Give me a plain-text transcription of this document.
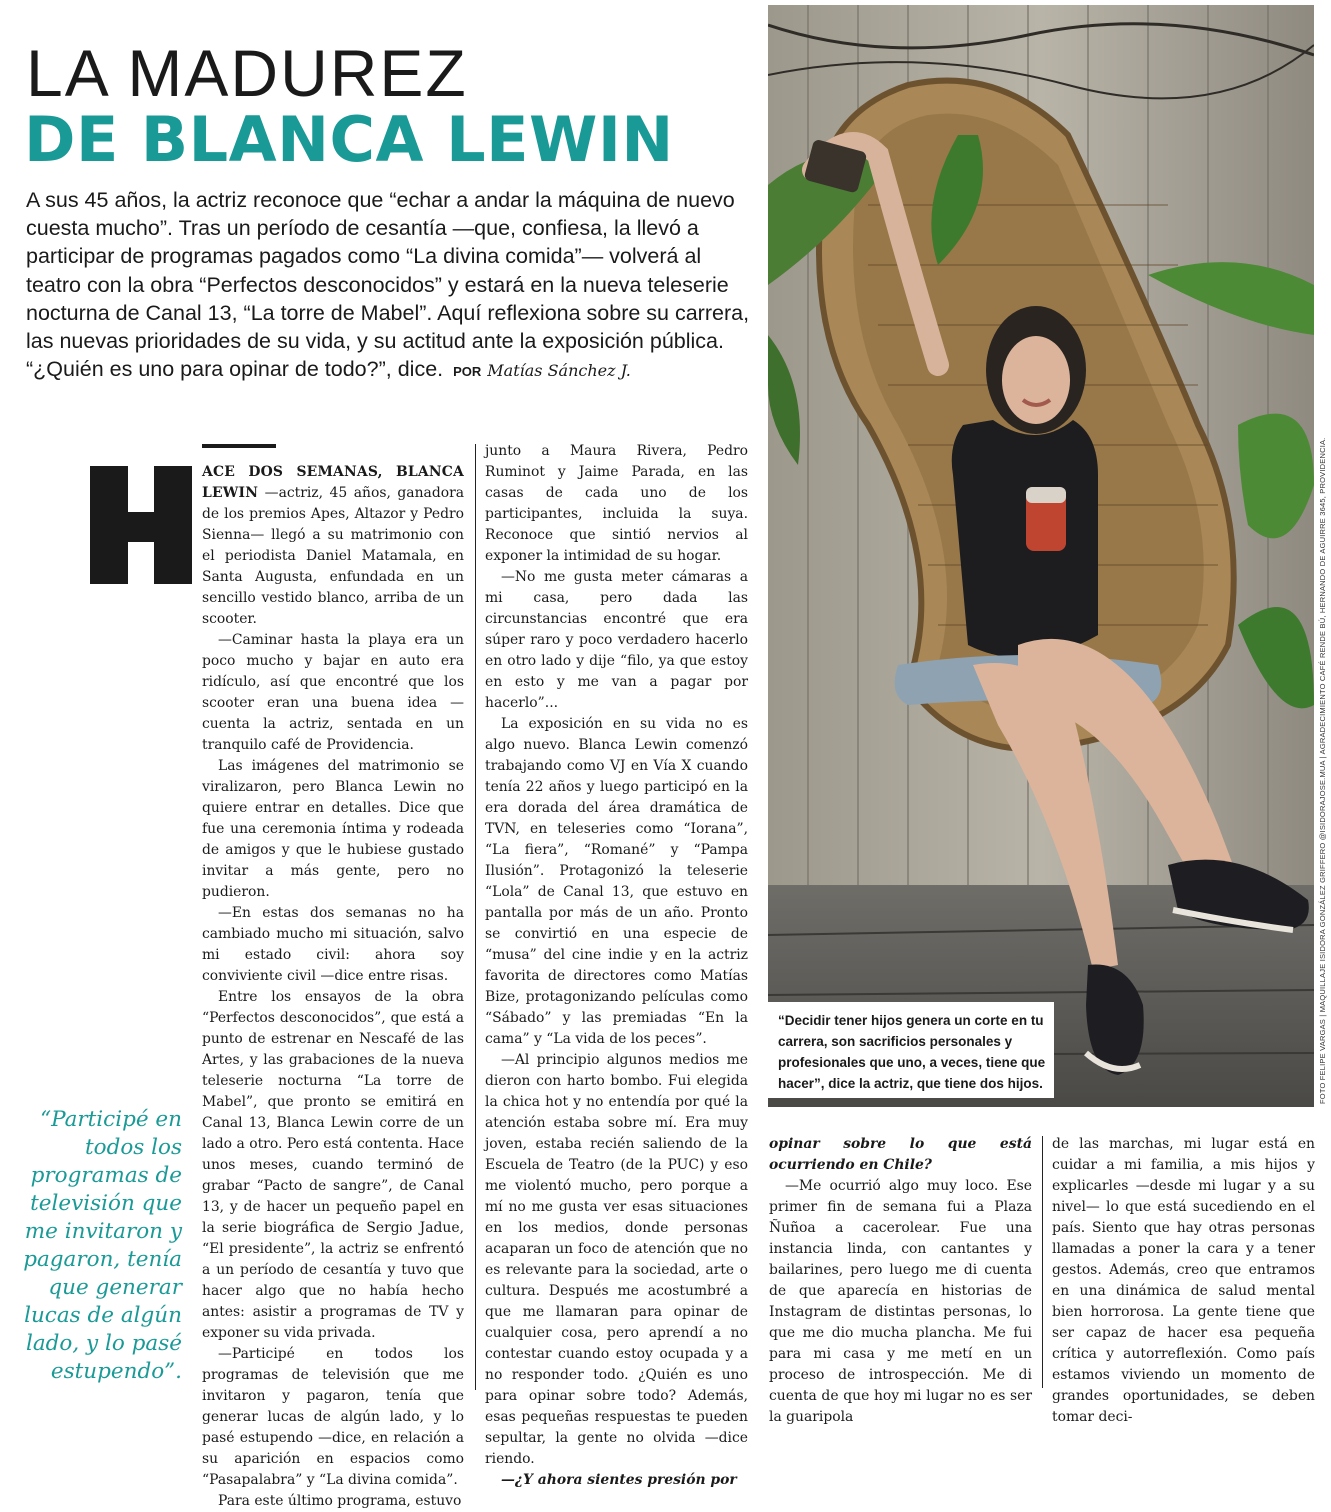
LA MADUREZ
DE BLANCA LEWIN
A sus 45 años, la actriz reconoce que “echar a andar la máquina de nuevo cuesta mucho”. Tras un período de cesantía —que, confiesa, la llevó a participar de programas pagados como “La divina comida”— volverá al teatro con la obra “Perfectos desconocidos” y estará en la nueva teleserie nocturna de Canal 13, “La torre de Mabel”. Aquí reflexiona sobre su carrera, las nuevas prioridades de su vida, y su actitud ante la exposición pública. “¿Quién es uno para opinar de todo?”, dice. POR Matías Sánchez J.

ACE DOS SEMANAS, BLANCA LEWIN —actriz, 45 años, ganadora de los premios Apes, Altazor y Pedro Sienna— llegó a su matrimonio con el periodista Daniel Matamala, en Santa Augusta, enfundada en un sencillo vestido blanco, arriba de un scooter.

—Caminar hasta la playa era un poco mucho y bajar en auto era ridículo, así que encontré que los scooter eran una buena idea —cuenta la actriz, sentada en un tranquilo café de Providencia.

Las imágenes del matrimonio se viralizaron, pero Blanca Lewin no quiere entrar en detalles. Dice que fue una ceremonia íntima y rodeada de amigos y que le hubiese gustado invitar a más gente, pero no pudieron.

—En estas dos semanas no ha cambiado mucho mi situación, salvo mi estado civil: ahora soy conviviente civil —dice entre risas.

Entre los ensayos de la obra “Perfectos desconocidos”, que está a punto de estrenar en Nescafé de las Artes, y las grabaciones de la nueva teleserie nocturna “La torre de Mabel”, que pronto se emitirá en Canal 13, Blanca Lewin corre de un lado a otro. Pero está contenta. Hace unos meses, cuando terminó de grabar “Pacto de sangre”, de Canal 13, y de hacer un pequeño papel en la serie biográfica de Sergio Jadue, “El presidente”, la actriz se enfrentó a un período de cesantía y tuvo que hacer algo que no había hecho antes: asistir a programas de TV y exponer su vida privada.

—Participé en todos los programas de televisión que me invitaron y pagaron, tenía que generar lucas de algún lado, y lo pasé estupendo —dice, en relación a su aparición en espacios como “Pasapalabra” y “La divina comida”.

Para este último programa, estuvo

junto a Maura Rivera, Pedro Ruminot y Jaime Parada, en las casas de cada uno de los participantes, incluida la suya. Reconoce que sintió nervios al exponer la intimidad de su hogar.

—No me gusta meter cámaras a mi casa, pero dada las circunstancias encontré que era súper raro y poco verdadero hacerlo en otro lado y dije “filo, ya que estoy en esto y me van a pagar por hacerlo”...

La exposición en su vida no es algo nuevo. Blanca Lewin comenzó trabajando como VJ en Vía X cuando tenía 22 años y luego participó en la era dorada del área dramática de TVN, en teleseries como “Iorana”, “La fiera”, “Romané” y “Pampa Ilusión”. Protagonizó la teleserie “Lola” de Canal 13, que estuvo en pantalla por más de un año. Pronto se convirtió en una especie de “musa” del cine indie y en la actriz favorita de directores como Matías Bize, protagonizando películas como “Sábado” y las premiadas “En la cama” y “La vida de los peces”.

—Al principio algunos medios me dieron con harto bombo. Fui elegida la chica hot y no entendía por qué la atención estaba sobre mí. Era muy joven, estaba recién saliendo de la Escuela de Teatro (de la PUC) y eso me violentó mucho, pero porque a mí no me gusta ver esas situaciones en los medios, donde personas acaparan un foco de atención que no es relevante para la sociedad, arte o cultura. Después me acostumbré a que me llamaran para opinar de cualquier cosa, pero aprendí a no contestar cuando estoy ocupada y a no responder todo. ¿Quién es uno para opinar sobre todo? Además, esas pequeñas respuestas te pueden sepultar, la gente no olvida —dice riendo.

—¿Y ahora sientes presión por

opinar sobre lo que está ocurriendo en Chile?

—Me ocurrió algo muy loco. Ese primer fin de semana fui a Plaza Ñuñoa a cacerolear. Fue una instancia linda, con cantantes y bailarines, pero luego me di cuenta de que aparecía en historias de Instagram de distintas personas, lo que me dio mucha plancha. Me fui para mi casa y me metí en un proceso de introspección. Me di cuenta de que hoy mi lugar no es ser la guaripola

de las marchas, mi lugar está en cuidar a mi familia, a mis hijos y explicarles —desde mi lugar y a su nivel— lo que está sucediendo en el país. Siento que hay otras personas llamadas a poner la cara y a tener gestos. Además, creo que entramos en una dinámica de salud mental bien horrorosa. La gente tiene que ser capaz de hacer esa pequeña crítica y autorreflexión. Como país estamos viviendo un momento de grandes oportunidades, se deben tomar deci-

“Participé en todos los programas de televisión que me invitaron y pagaron, tenía que generar lucas de algún lado, y lo pasé estupendo”.
“Decidir tener hijos genera un corte en tu carrera, son sacrificios personales y profesionales que uno, a veces, tiene que hacer”, dice la actriz, que tiene dos hijos.	FOTO FELIPE VARGAS | MAQUILLAJE ISIDORA GONZÁLEZ GRIFFERO @ISIDORAJOSE.MUA | AGRADECIMIENTO CAFÉ RENDE BÚ, HERNANDO DE AGUIRRE 3645, PROVIDENCIA.
